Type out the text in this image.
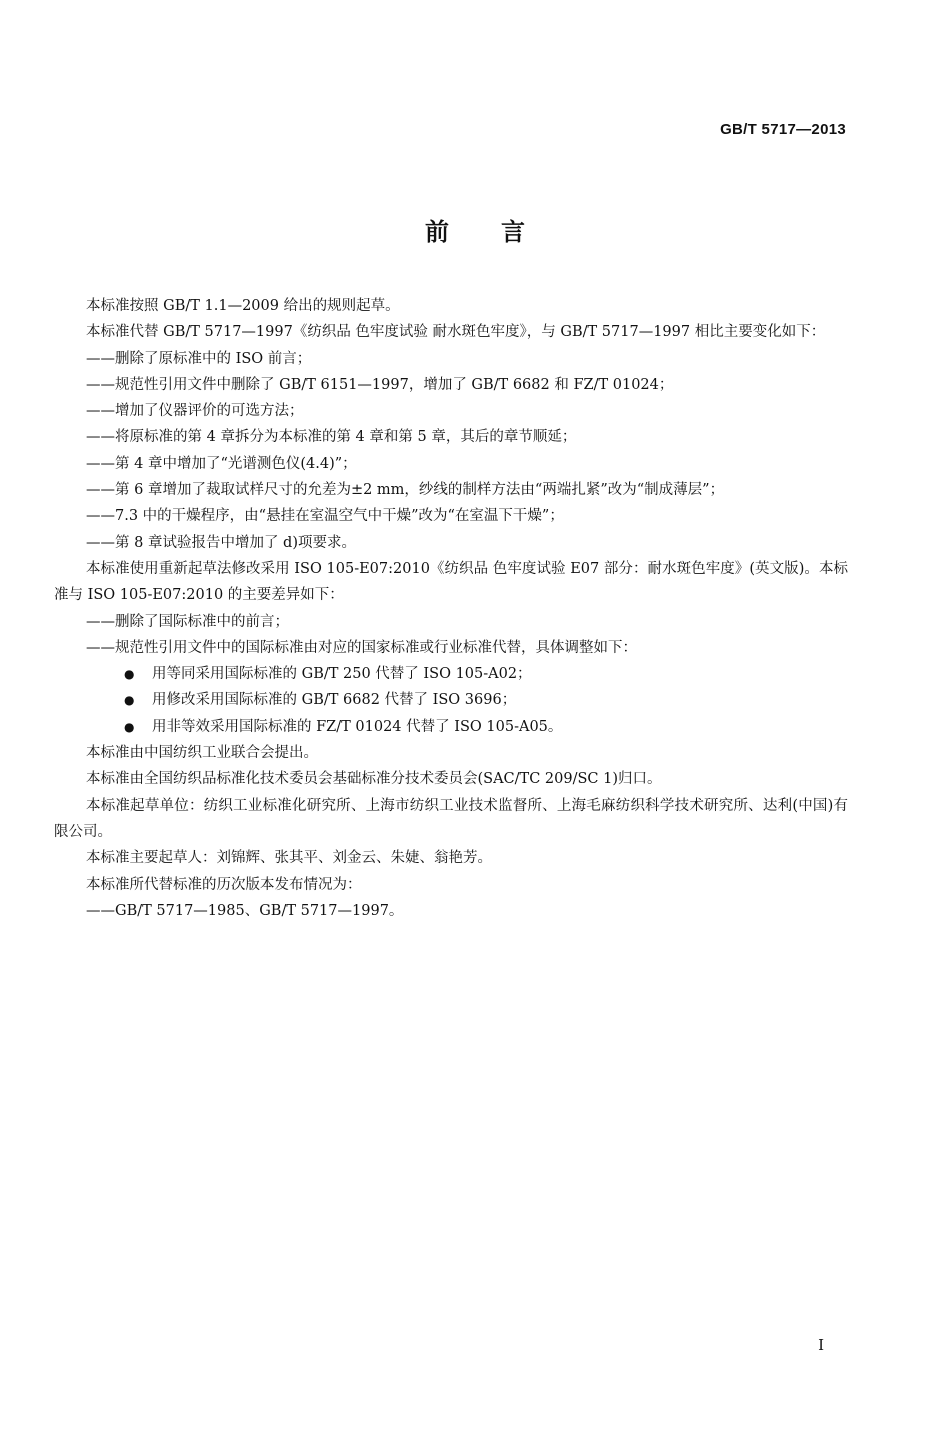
GB/T 5717—2013
前言

本标准按照 GB/T 1.1—2009 给出的规则起草。

本标准代替 GB/T 5717—1997《纺织品 色牢度试验 耐水斑色牢度》，与 GB/T 5717—1997 相比主要变化如下：

——删除了原标准中的 ISO 前言；

——规范性引用文件中删除了 GB/T 6151—1997，增加了 GB/T 6682 和 FZ/T 01024；

——增加了仪器评价的可选方法；

——将原标准的第 4 章拆分为本标准的第 4 章和第 5 章，其后的章节顺延；

——第 4 章中增加了“光谱测色仪(4.4)”；

——第 6 章增加了裁取试样尺寸的允差为±2 mm，纱线的制样方法由“两端扎紧”改为“制成薄层”；

——7.3 中的干燥程序，由“悬挂在室温空气中干燥”改为“在室温下干燥”；

——第 8 章试验报告中增加了 d)项要求。

本标准使用重新起草法修改采用 ISO 105-E07:2010《纺织品 色牢度试验 E07 部分：耐水斑色牢度》(英文版)。本标准与 ISO 105-E07:2010 的主要差异如下：

——删除了国际标准中的前言；

——规范性引用文件中的国际标准由对应的国家标准或行业标准代替，具体调整如下：

● 用等同采用国际标准的 GB/T 250 代替了 ISO 105-A02；

● 用修改采用国际标准的 GB/T 6682 代替了 ISO 3696；

● 用非等效采用国际标准的 FZ/T 01024 代替了 ISO 105-A05。

本标准由中国纺织工业联合会提出。

本标准由全国纺织品标准化技术委员会基础标准分技术委员会(SAC/TC 209/SC 1)归口。

本标准起草单位：纺织工业标准化研究所、上海市纺织工业技术监督所、上海毛麻纺织科学技术研究所、达利(中国)有限公司。

本标准主要起草人：刘锦辉、张其平、刘金云、朱婕、翁艳芳。

本标准所代替标准的历次版本发布情况为：

——GB/T 5717—1985、GB/T 5717—1997。

I
